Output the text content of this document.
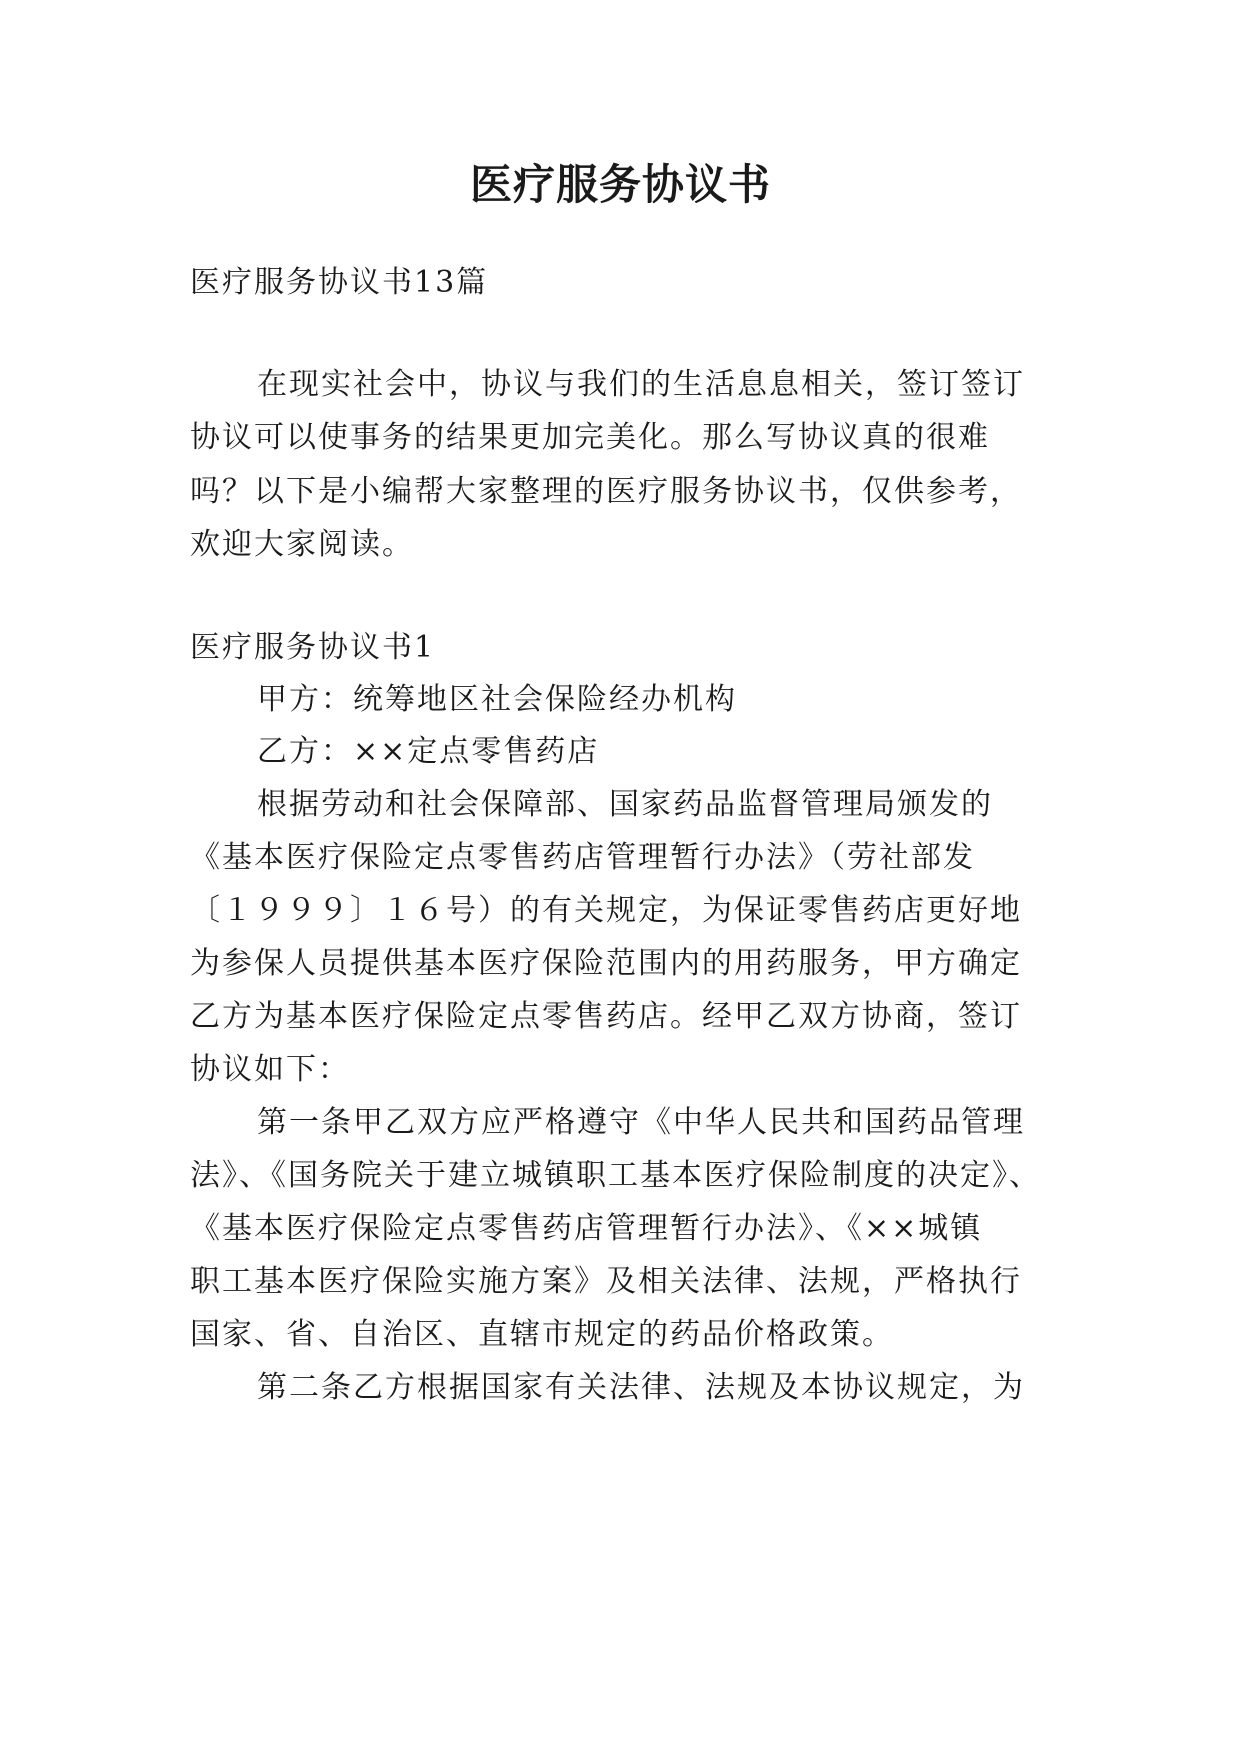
医疗服务协议书
医疗服务协议书13篇
在现实社会中，协议与我们的生活息息相关，签订签订
协议可以使事务的结果更加完美化。那么写协议真的很难
吗？以下是小编帮大家整理的医疗服务协议书，仅供参考，
欢迎大家阅读。
医疗服务协议书1
甲方：统筹地区社会保险经办机构
乙方：××定点零售药店
根据劳动和社会保障部、国家药品监督管理局颁发的
《基本医疗保险定点零售药店管理暂行办法》（劳社部发
〔１９９９〕１６号）的有关规定，为保证零售药店更好地
为参保人员提供基本医疗保险范围内的用药服务，甲方确定
乙方为基本医疗保险定点零售药店。经甲乙双方协商，签订
协议如下：
第一条甲乙双方应严格遵守《中华人民共和国药品管理
法》、《国务院关于建立城镇职工基本医疗保险制度的决定》、
《基本医疗保险定点零售药店管理暂行办法》、《××城镇
职工基本医疗保险实施方案》及相关法律、法规，严格执行
国家、省、自治区、直辖市规定的药品价格政策。
第二条乙方根据国家有关法律、法规及本协议规定，为
